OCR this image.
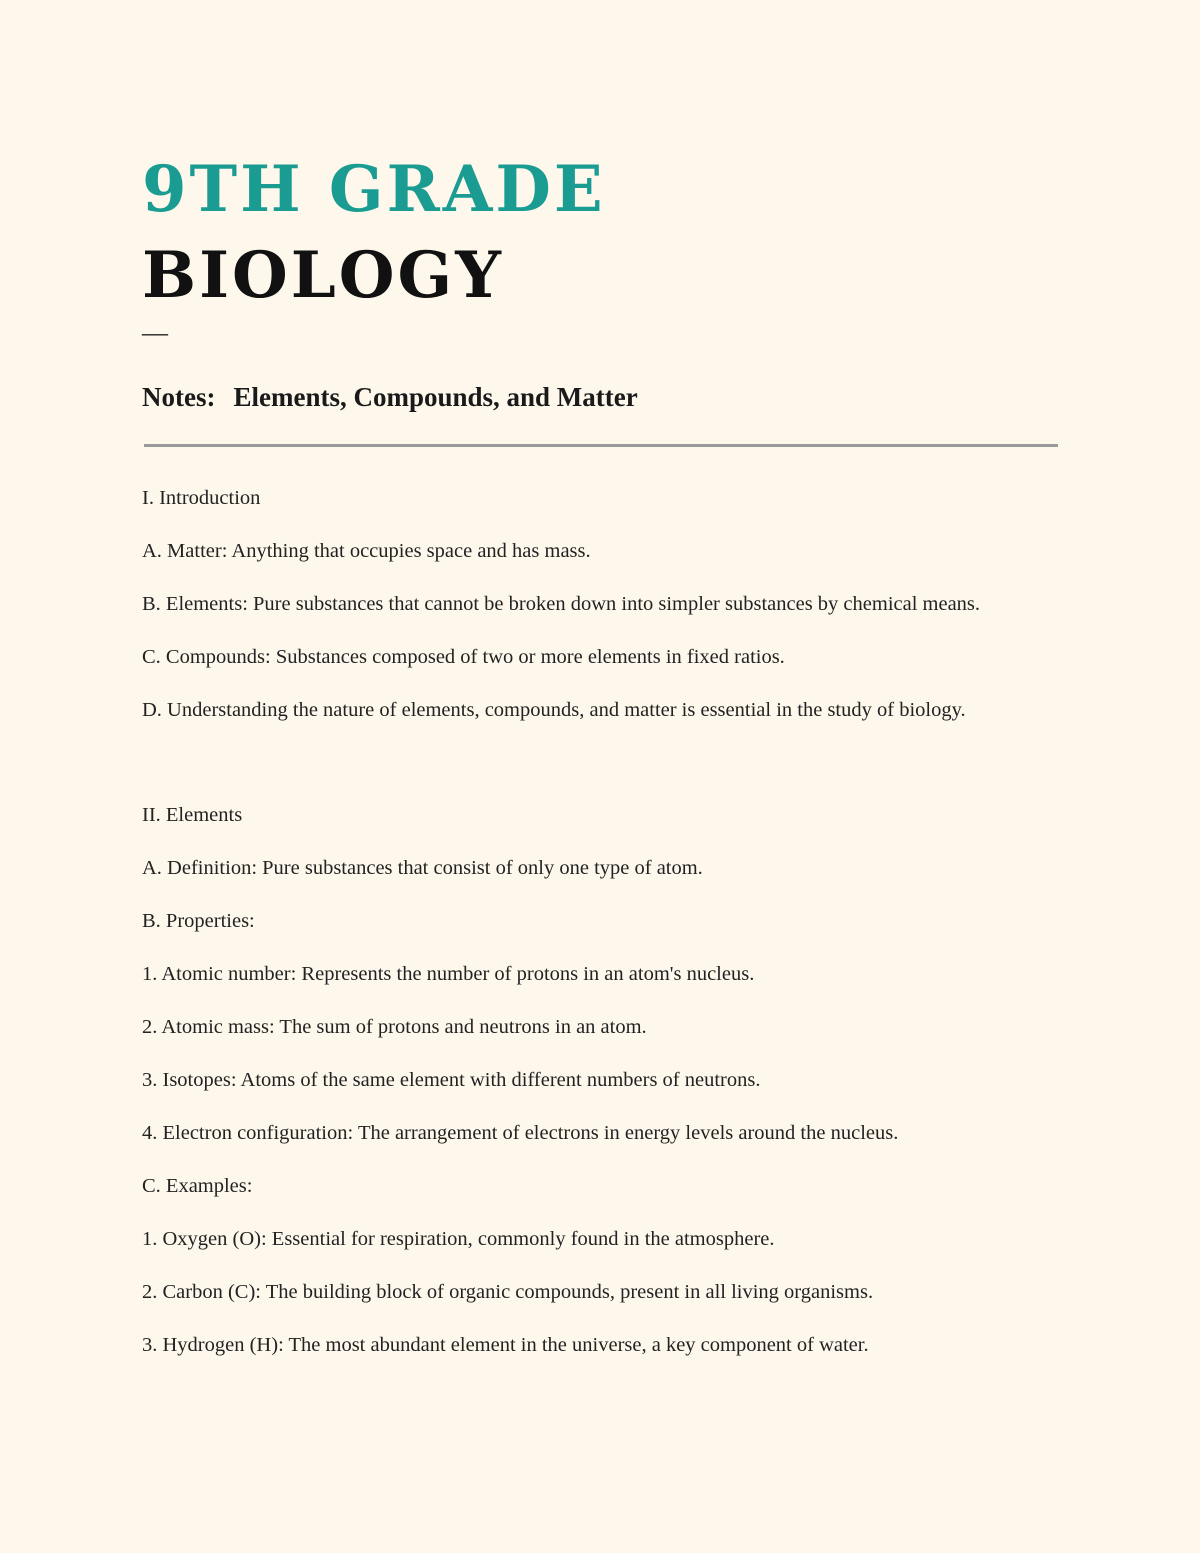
9TH GRADE
BIOLOGY
—
Notes: Elements, Compounds, and Matter

I. Introduction

A. Matter: Anything that occupies space and has mass.

B. Elements: Pure substances that cannot be broken down into simpler substances by chemical means.

C. Compounds: Substances composed of two or more elements in fixed ratios.

D. Understanding the nature of elements, compounds, and matter is essential in the study of biology.

II. Elements

A. Definition: Pure substances that consist of only one type of atom.

B. Properties:

1. Atomic number: Represents the number of protons in an atom's nucleus.

2. Atomic mass: The sum of protons and neutrons in an atom.

3. Isotopes: Atoms of the same element with different numbers of neutrons.

4. Electron configuration: The arrangement of electrons in energy levels around the nucleus.

C. Examples:

1. Oxygen (O): Essential for respiration, commonly found in the atmosphere.

2. Carbon (C): The building block of organic compounds, present in all living organisms.

3. Hydrogen (H): The most abundant element in the universe, a key component of water.
